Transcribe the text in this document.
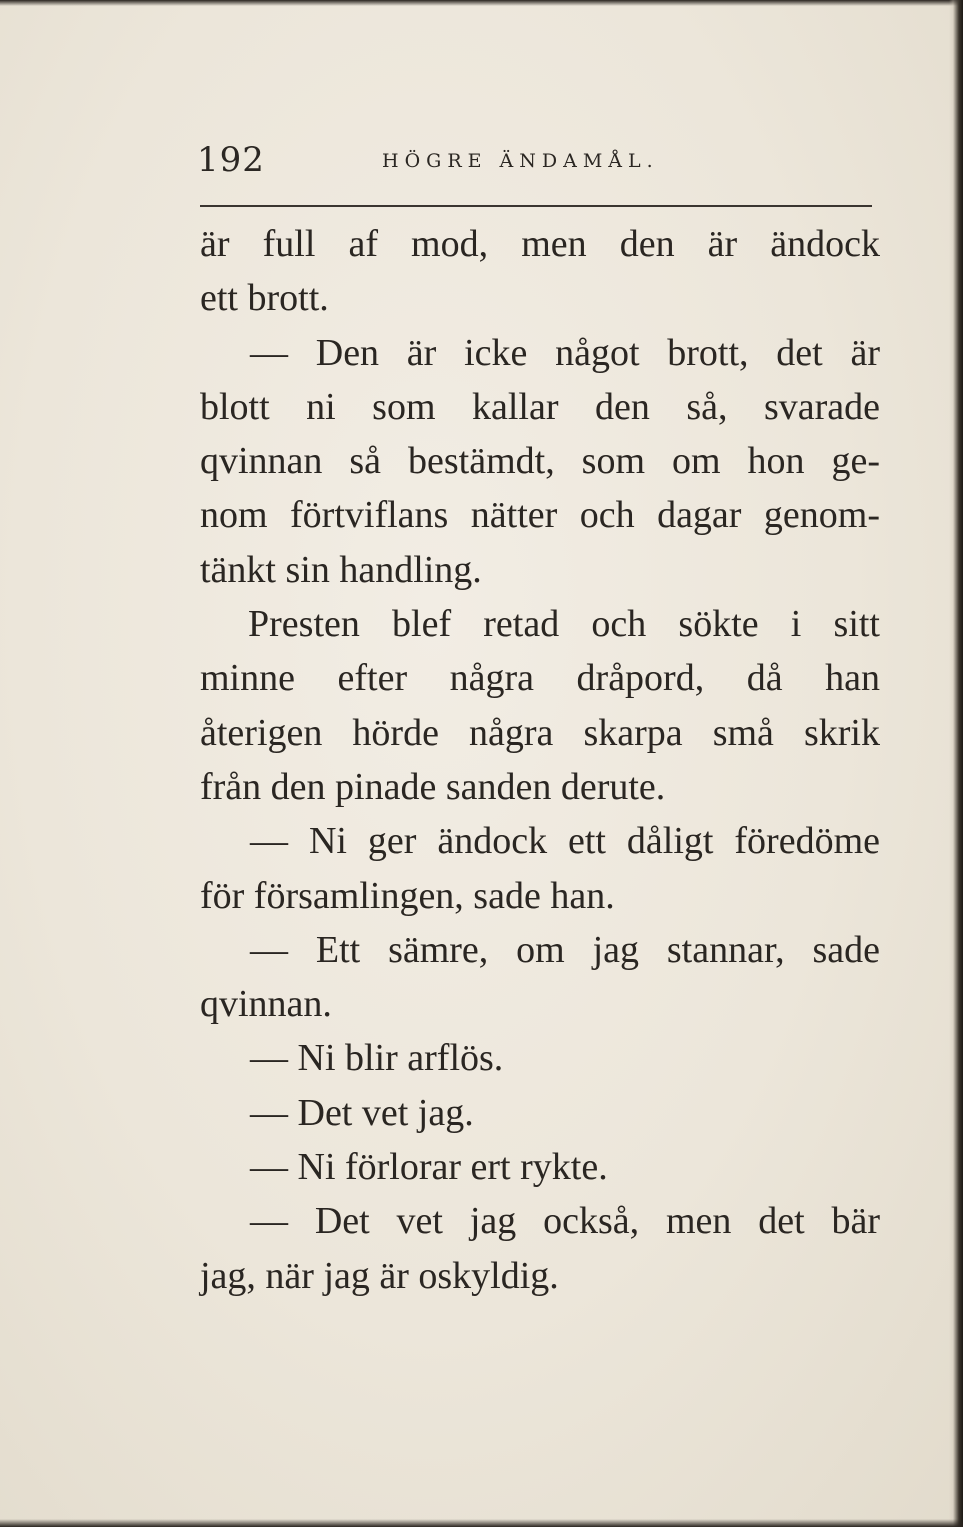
192	HÖGRE ÄNDAMÅL.
är full af mod, men den är ändock
ett brott.
— Den är icke något brott, det är
blott ni som kallar den så, svarade
qvinnan så bestämdt, som om hon ge-
nom förtviflans nätter och dagar genom-
tänkt sin handling.
Presten blef retad och sökte i sitt
minne efter några dråpord, då han
återigen hörde några skarpa små skrik
från den pinade sanden derute.
— Ni ger ändock ett dåligt föredöme
för församlingen, sade han.
— Ett sämre, om jag stannar, sade
qvinnan.
— Ni blir arflös.
— Det vet jag.
— Ni förlorar ert rykte.
— Det vet jag också, men det bär
jag, när jag är oskyldig.
